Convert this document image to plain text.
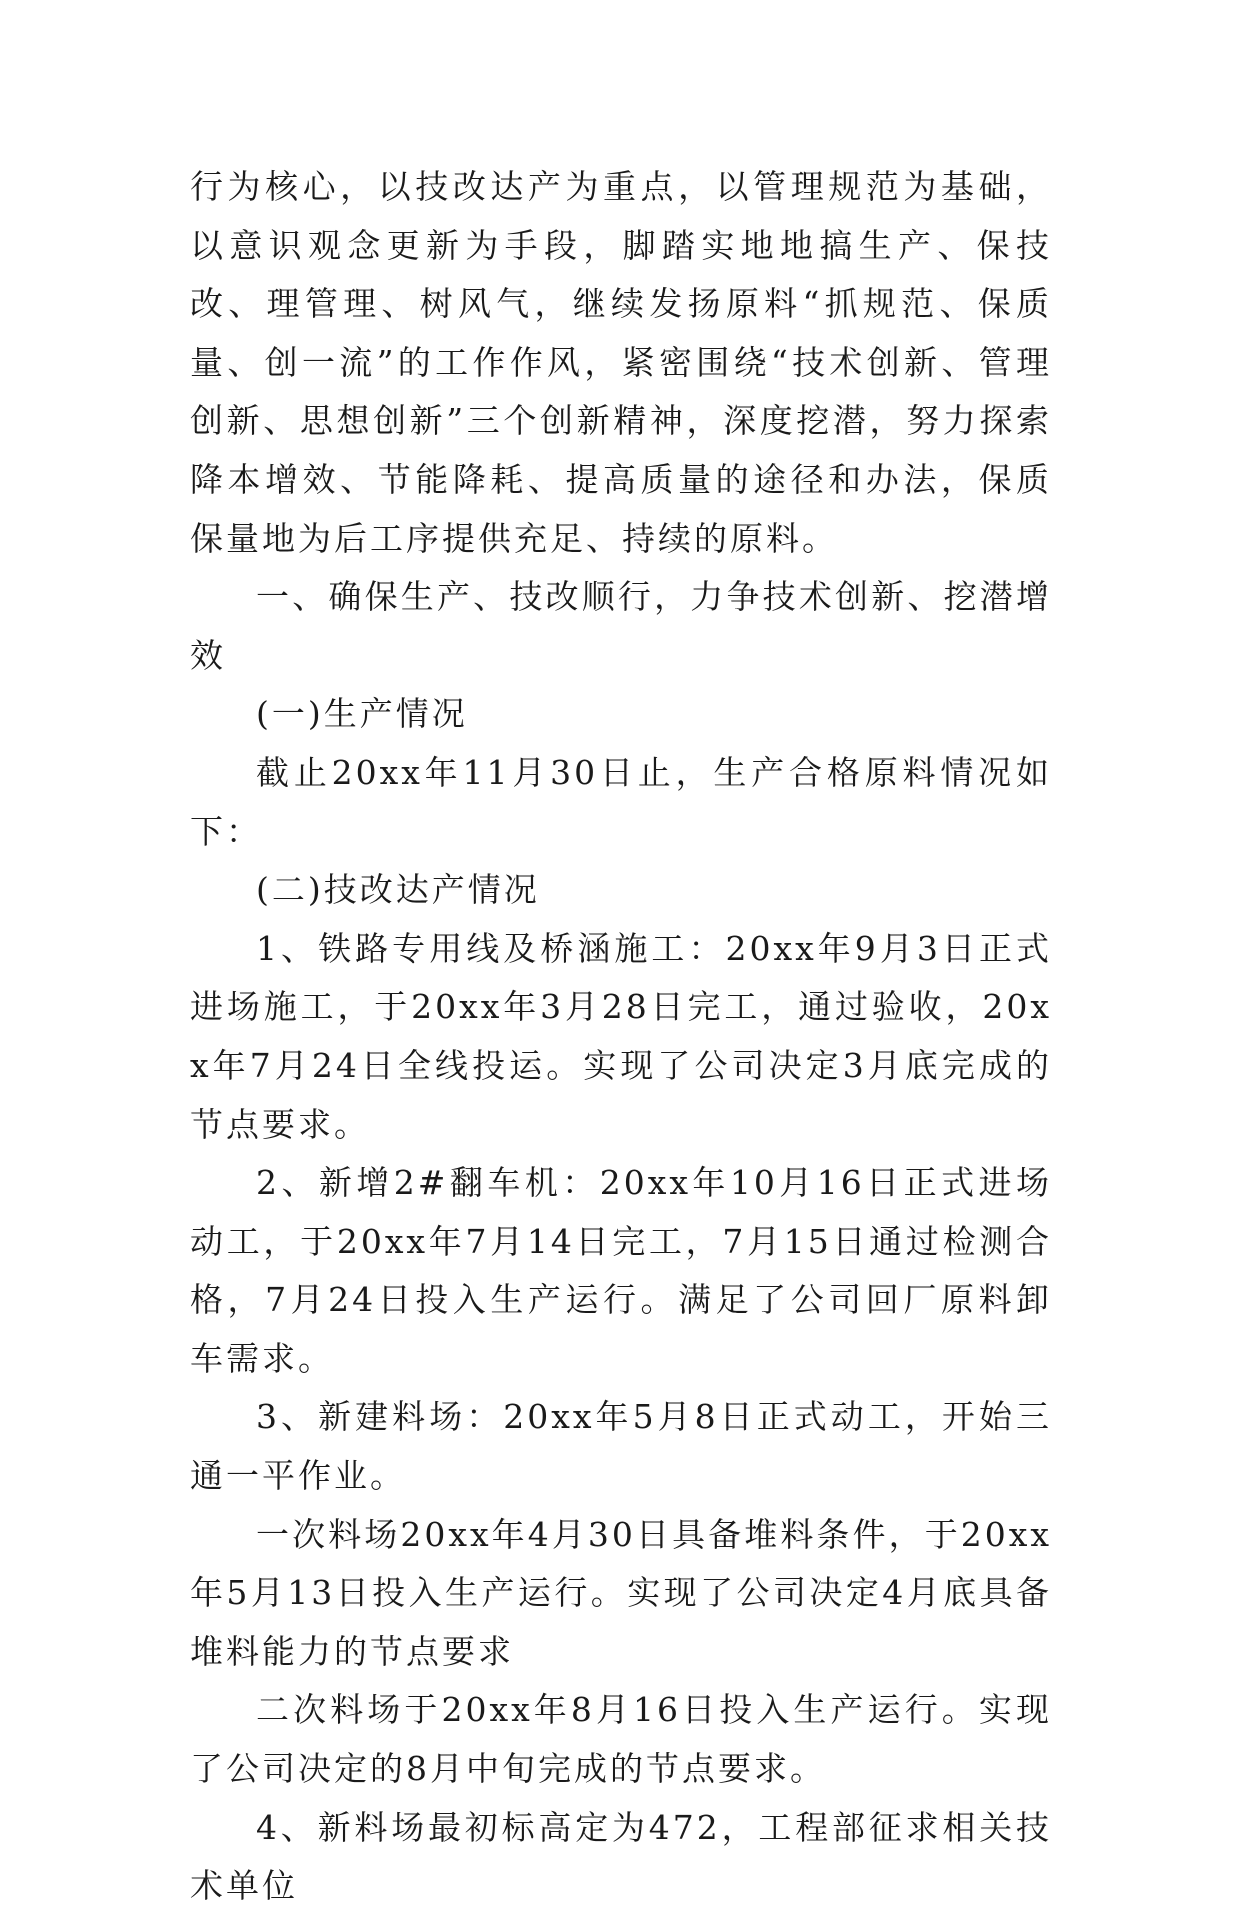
行为核心，以技改达产为重点，以管理规范为基础，以意识观念更新为手段，脚踏实地地搞生产、保技改、理管理、树风气，继续发扬原料“抓规范、保质量、创一流”的工作作风，紧密围绕“技术创新、管理创新、思想创新”三个创新精神，深度挖潜，努力探索降本增效、节能降耗、提高质量的途径和办法，保质保量地为后工序提供充足、持续的原料。

一、确保生产、技改顺行，力争技术创新、挖潜增效

(一)生产情况

截止20xx年11月30日止，生产合格原料情况如下：

(二)技改达产情况

1、铁路专用线及桥涵施工：20xx年9月3日正式进场施工，于20xx年3月28日完工，通过验收，20xx年7月24日全线投运。实现了公司决定3月底完成的节点要求。

2、新增2#翻车机：20xx年10月16日正式进场动工，于20xx年7月14日完工，7月15日通过检测合格，7月24日投入生产运行。满足了公司回厂原料卸车需求。

3、新建料场：20xx年5月8日正式动工，开始三通一平作业。

一次料场20xx年4月30日具备堆料条件，于20xx年5月13日投入生产运行。实现了公司决定4月底具备堆料能力的节点要求

二次料场于20xx年8月16日投入生产运行。实现了公司决定的8月中旬完成的节点要求。

4、新料场最初标高定为472，工程部征求相关技术单位
